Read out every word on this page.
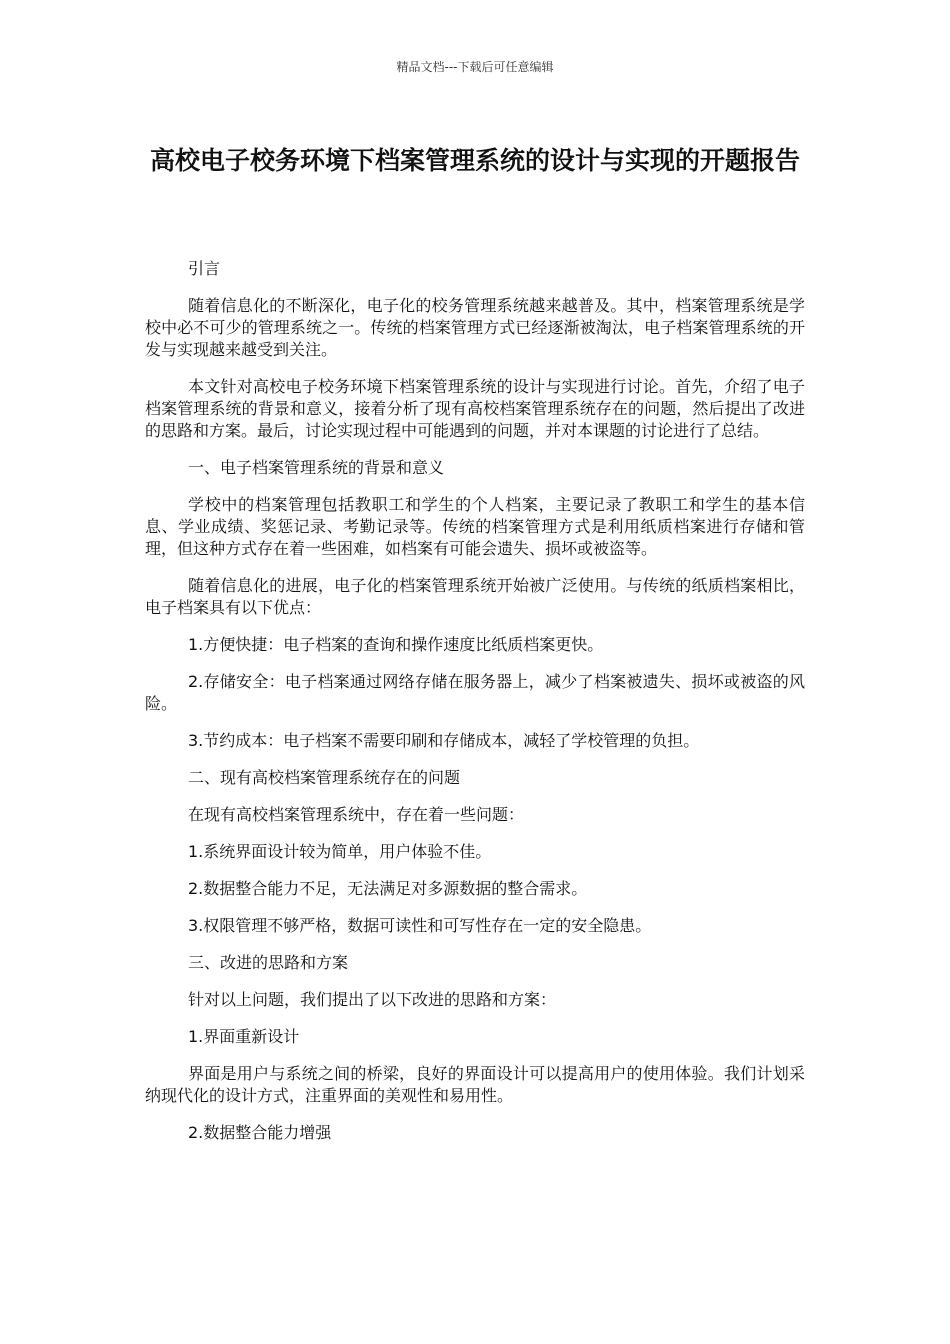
精品文档---下载后可任意编辑
高校电子校务环境下档案管理系统的设计与实现的开题报告

引言

随着信息化的不断深化，电子化的校务管理系统越来越普及。其中，档案管理系统是学校中必不可少的管理系统之一。传统的档案管理方式已经逐渐被淘汰，电子档案管理系统的开发与实现越来越受到关注。

本文针对高校电子校务环境下档案管理系统的设计与实现进行讨论。首先，介绍了电子档案管理系统的背景和意义，接着分析了现有高校档案管理系统存在的问题，然后提出了改进的思路和方案。最后，讨论实现过程中可能遇到的问题，并对本课题的讨论进行了总结。

一、电子档案管理系统的背景和意义

学校中的档案管理包括教职工和学生的个人档案，主要记录了教职工和学生的基本信息、学业成绩、奖惩记录、考勤记录等。传统的档案管理方式是利用纸质档案进行存储和管理，但这种方式存在着一些困难，如档案有可能会遗失、损坏或被盗等。

随着信息化的进展，电子化的档案管理系统开始被广泛使用。与传统的纸质档案相比，电子档案具有以下优点：

1.方便快捷：电子档案的查询和操作速度比纸质档案更快。

2.存储安全：电子档案通过网络存储在服务器上，减少了档案被遗失、损坏或被盗的风险。

3.节约成本：电子档案不需要印刷和存储成本，减轻了学校管理的负担。

二、现有高校档案管理系统存在的问题

在现有高校档案管理系统中，存在着一些问题：

1.系统界面设计较为简单，用户体验不佳。

2.数据整合能力不足，无法满足对多源数据的整合需求。

3.权限管理不够严格，数据可读性和可写性存在一定的安全隐患。

三、改进的思路和方案

针对以上问题，我们提出了以下改进的思路和方案：

1.界面重新设计

界面是用户与系统之间的桥梁，良好的界面设计可以提高用户的使用体验。我们计划采纳现代化的设计方式，注重界面的美观性和易用性。

2.数据整合能力增强
